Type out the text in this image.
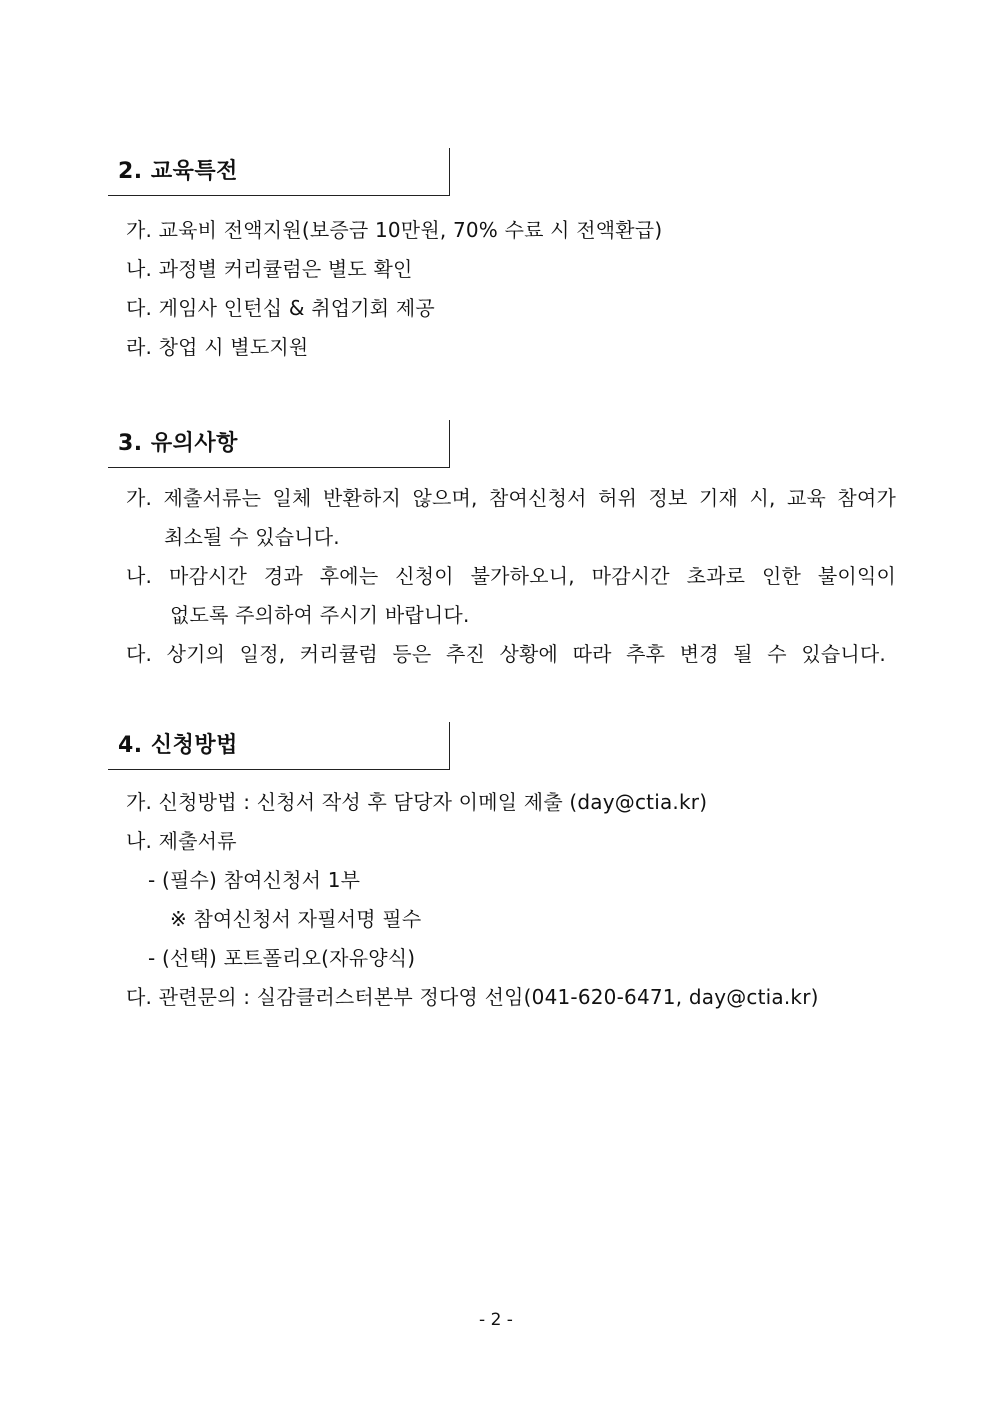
2. 교육특전
가. 교육비 전액지원(보증금 10만원, 70% 수료 시 전액환급)
나. 과정별 커리큘럼은 별도 확인
다. 게임사 인턴십 & 취업기회 제공
라. 창업 시 별도지원
3. 유의사항
가. 제출서류는 일체 반환하지 않으며, 참여신청서 허위 정보 기재 시, 교육 참여가
최소될 수 있습니다.
나. 마감시간 경과 후에는 신청이 불가하오니, 마감시간 초과로 인한 불이익이
없도록 주의하여 주시기 바랍니다.
다. 상기의 일정, 커리큘럼 등은 추진 상황에 따라 추후 변경 될 수 있습니다.
4. 신청방법
가. 신청방법 : 신청서 작성 후 담당자 이메일 제출 (day@ctia.kr)
나. 제출서류
- (필수) 참여신청서 1부
※ 참여신청서 자필서명 필수
- (선택) 포트폴리오(자유양식)
다. 관련문의 : 실감클러스터본부 정다영 선임(041-620-6471, day@ctia.kr)
- 2 -
